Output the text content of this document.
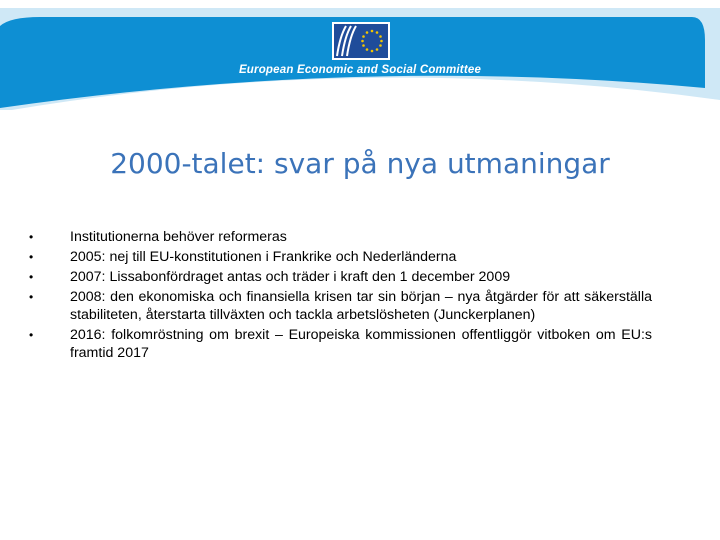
European Economic and Social Committee
2000-talet: svar på nya utmaningar
•	Institutionerna behöver reformeras
•	2005: nej till EU-konstitutionen i Frankrike och Nederländerna
•	2007: Lissabonfördraget antas och träder i kraft den 1 december 2009
•	2008: den ekonomiska och finansiella krisen tar sin början – nya åtgärder för att säkerställa stabiliteten, återstarta tillväxten och tackla arbetslösheten (Junckerplanen)
•	2016: folkomröstning om brexit – Europeiska kommissionen offentliggör vitboken om EU:s framtid 2017
